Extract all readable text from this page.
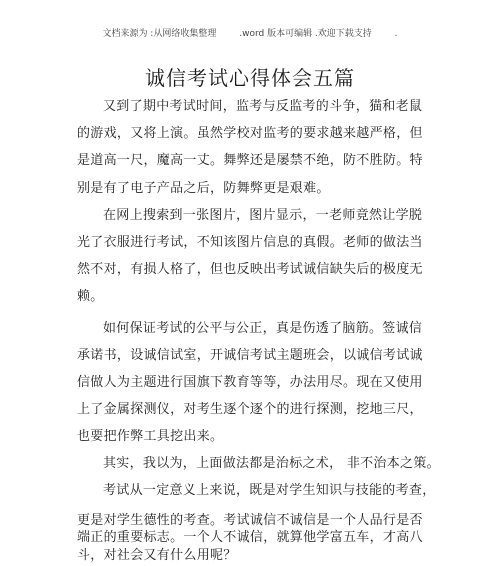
文档来源为 :从网络收集整理	.word 版本可编辑 .欢迎下载支持	.
诚信考试心得体会五篇
又到了期中考试时间，监考与反监考的斗争，猫和老鼠
的游戏，又将上演。虽然学校对监考的要求越来越严格，但
是道高一尺，魔高一丈。舞弊还是屡禁不绝，防不胜防。特
别是有了电子产品之后，防舞弊更是艰难。
在网上搜索到一张图片，图片显示，一老师竟然让学脱
光了衣服进行考试，不知该图片信息的真假。老师的做法当
然不对，有损人格了，但也反映出考试诚信缺失后的极度无
赖。
如何保证考试的公平与公正，真是伤透了脑筋。签诚信
承诺书，设诚信试室，开诚信考试主题班会，以诚信考试诚
信做人为主题进行国旗下教育等等，办法用尽。现在又使用
上了金属探测仪，对考生逐个逐个的进行探测，挖地三尺，
也要把作弊工具挖出来。
其实，我以为，上面做法都是治标之术， 非不治本之策。
考试从一定意义上来说，既是对学生知识与技能的考查，
更是对学生德性的考查。考试诚信不诚信是一个人品行是否
端正的重要标志。一个人不诚信，就算他学富五车，才高八
斗，对社会又有什么用呢？
